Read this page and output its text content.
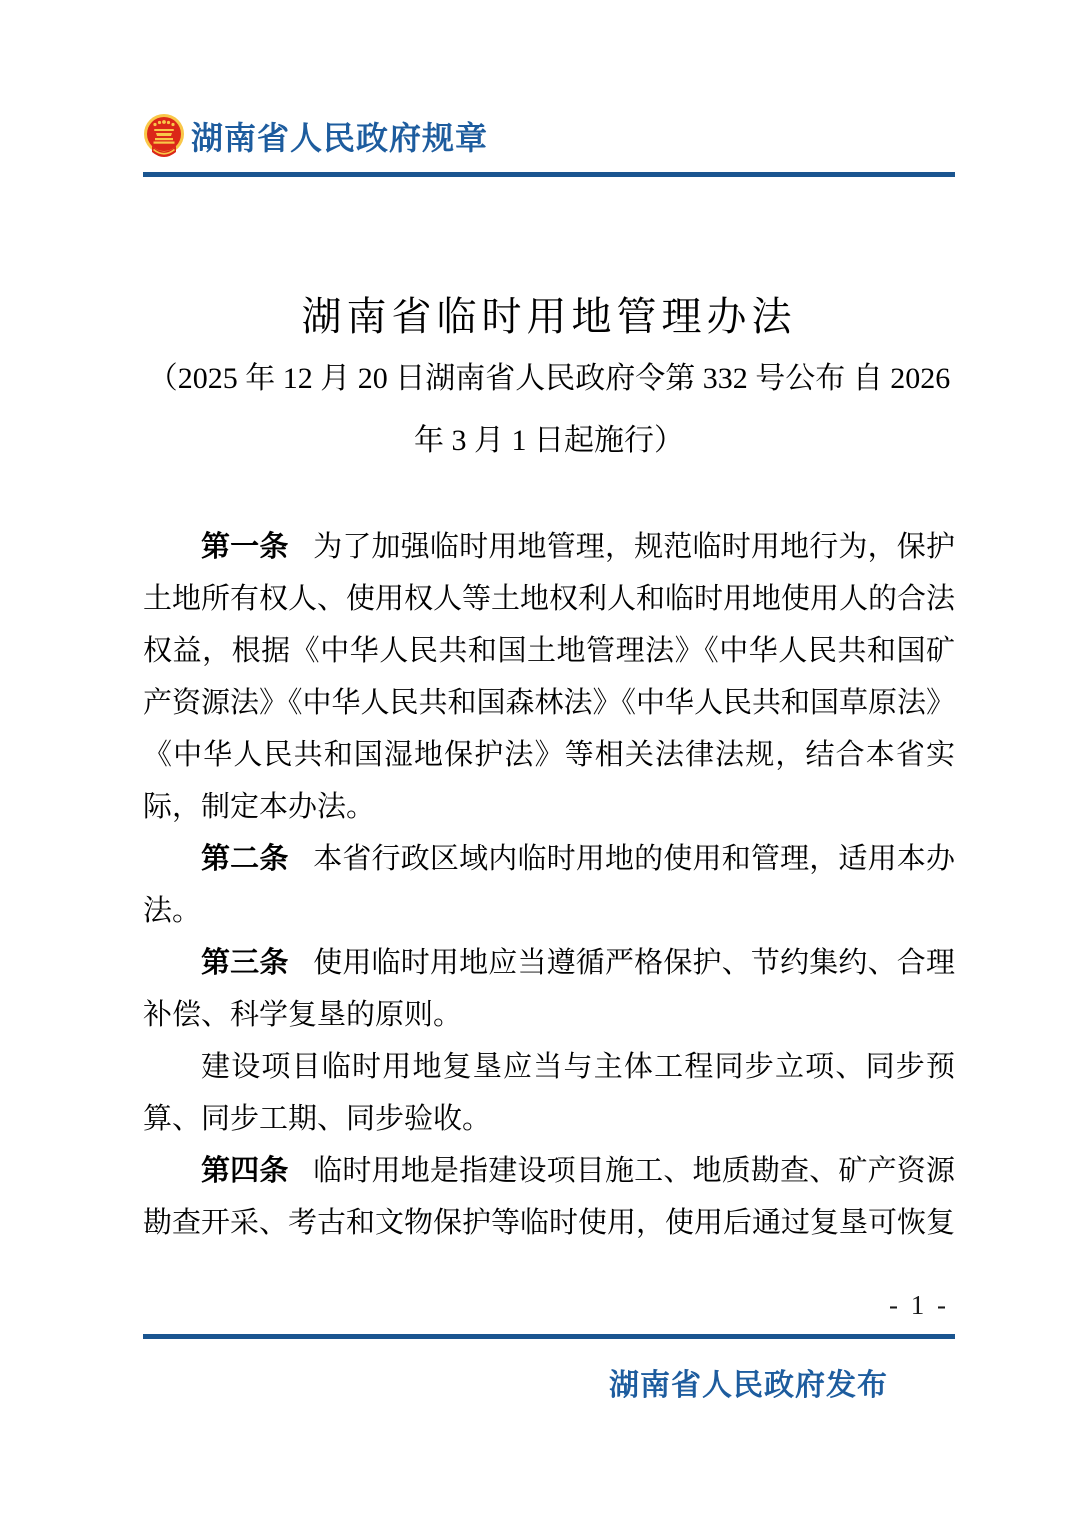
湖南省人民政府规章
湖南省临时用地管理办法
（2025 年 12 月 20 日湖南省人民政府令第 332 号公布 自 2026
年 3 月 1 日起施行）

第一条 为了加强临时用地管理，规范临时用地行为，保护土地所有权人、使用权人等土地权利人和临时用地使用人的合法权益，根据《中华人民共和国土地管理法》《中华人民共和国矿产资源法》《中华人民共和国森林法》《中华人民共和国草原法》《中华人民共和国湿地保护法》等相关法律法规，结合本省实际，制定本办法。

第二条 本省行政区域内临时用地的使用和管理，适用本办法。

第三条 使用临时用地应当遵循严格保护、节约集约、合理补偿、科学复垦的原则。

建设项目临时用地复垦应当与主体工程同步立项、同步预算、同步工期、同步验收。

第四条 临时用地是指建设项目施工、地质勘查、矿产资源勘查开采、考古和文物保护等临时使用，使用后通过复垦可恢复

- 1 -
湖南省人民政府发布
